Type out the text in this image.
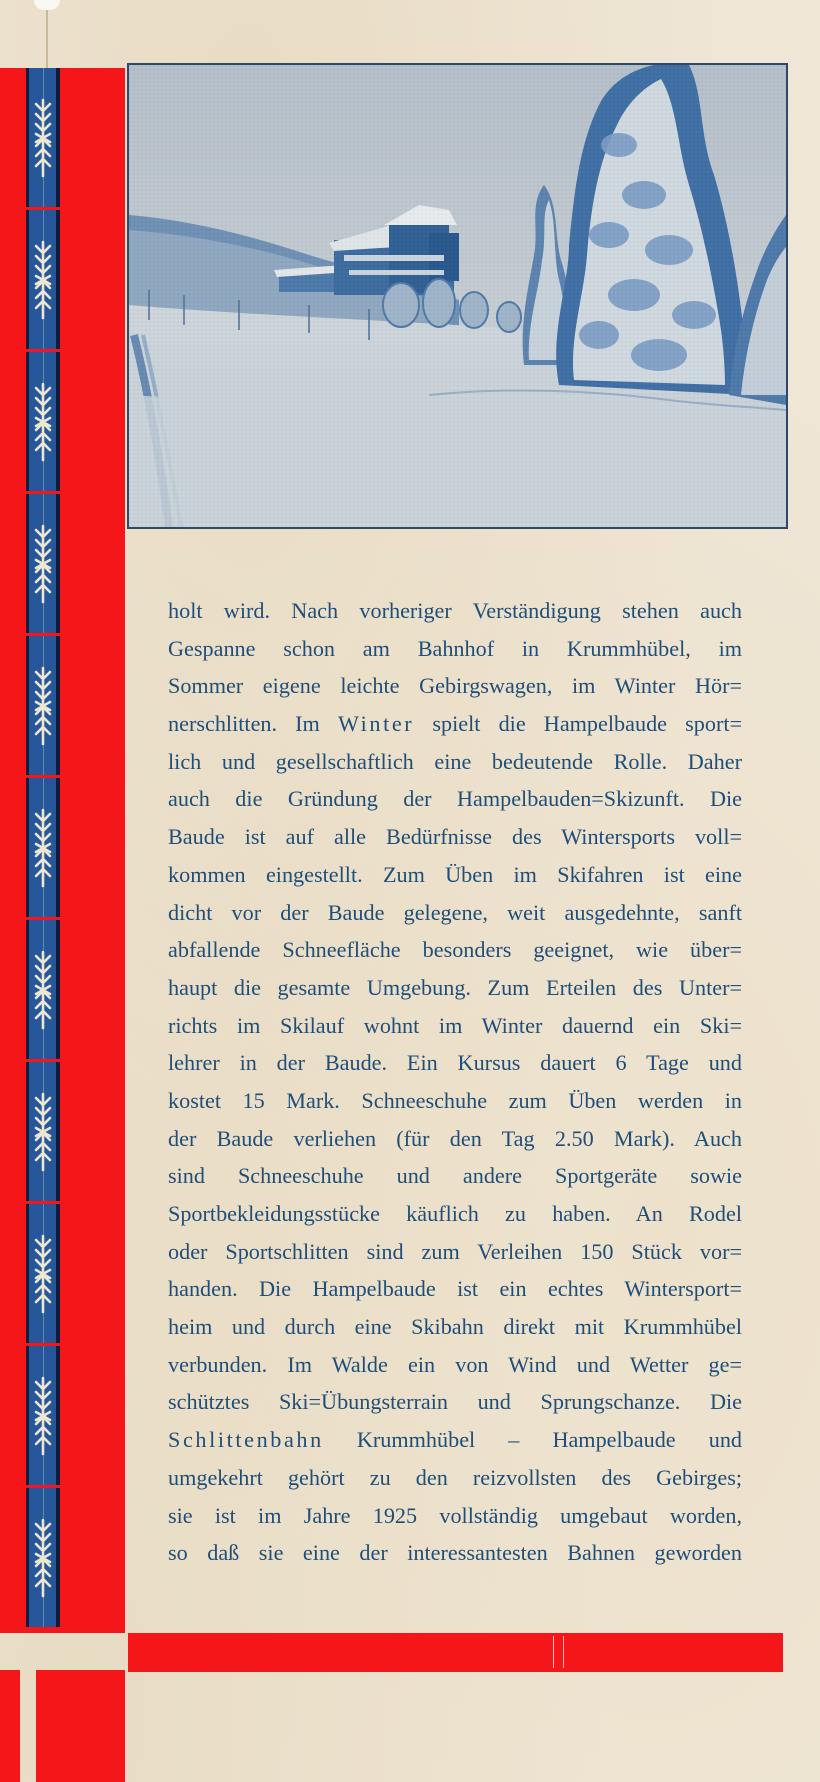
holt wird. Nach vorheriger Verständigung stehen auch
Gespanne schon am Bahnhof in Krummhübel, im
Sommer eigene leichte Gebirgswagen, im Winter Hör=
nerschlitten. Im Winter spielt die Hampelbaude sport=
lich und gesellschaftlich eine bedeutende Rolle. Daher
auch die Gründung der Hampelbauden=Skizunft. Die
Baude ist auf alle Bedürfnisse des Wintersports voll=
kommen eingestellt. Zum Üben im Skifahren ist eine
dicht vor der Baude gelegene, weit ausgedehnte, sanft
abfallende Schneefläche besonders geeignet, wie über=
haupt die gesamte Umgebung. Zum Erteilen des Unter=
richts im Skilauf wohnt im Winter dauernd ein Ski=
lehrer in der Baude. Ein Kursus dauert 6 Tage und
kostet 15 Mark. Schneeschuhe zum Üben werden in
der Baude verliehen (für den Tag 2.50 Mark). Auch
sind Schneeschuhe und andere Sportgeräte sowie
Sportbekleidungsstücke käuflich zu haben. An Rodel
oder Sportschlitten sind zum Verleihen 150 Stück vor=
handen. Die Hampelbaude ist ein echtes Wintersport=
heim und durch eine Skibahn direkt mit Krummhübel
verbunden. Im Walde ein von Wind und Wetter ge=
schütztes Ski=Übungsterrain und Sprungschanze. Die
Schlittenbahn Krummhübel – Hampelbaude und
umgekehrt gehört zu den reizvollsten des Gebirges;
sie ist im Jahre 1925 vollständig umgebaut worden,
so daß sie eine der interessantesten Bahnen geworden
